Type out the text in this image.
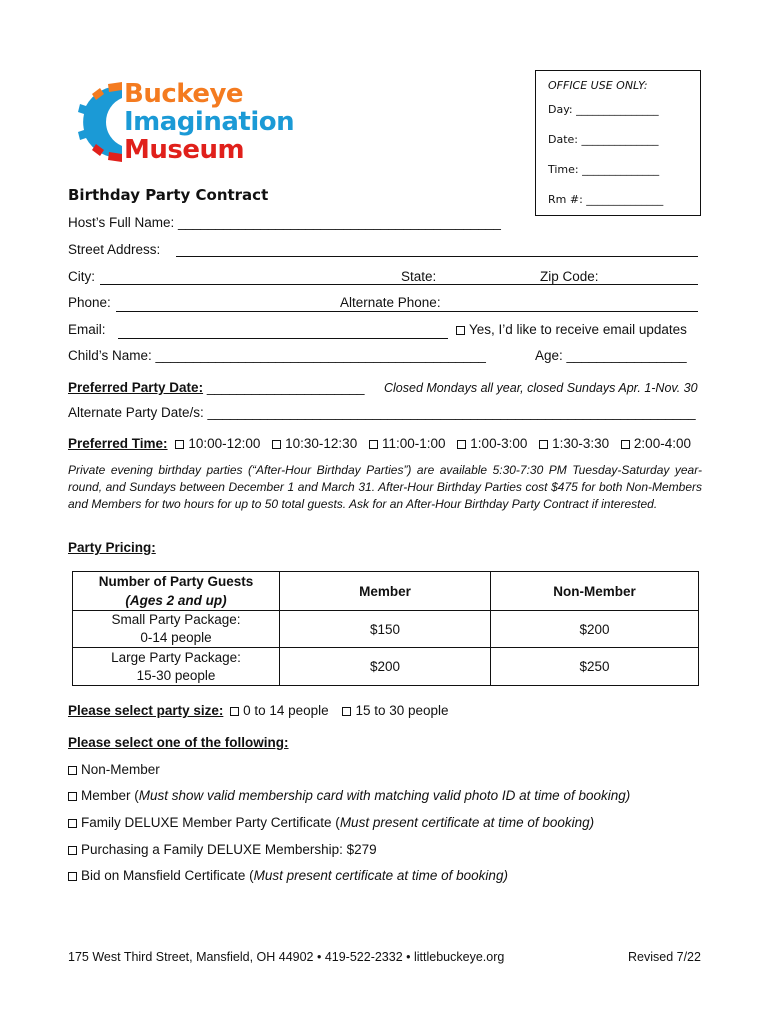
Buckeye
Imagination
Museum
OFFICE USE ONLY:
Day: _______________
Date: ______________
Time: ______________
Rm #: ______________
Birthday Party Contract
Host’s Full Name: ___________________________________________
Street Address:
City:	State:	Zip Code:
Phone:	Alternate Phone:
Email:	Yes, I’d like to receive email updates
Child’s Name: ____________________________________________	Age: ________________
Preferred Party Date: _____________________ Closed Mondays all year, closed Sundays Apr. 1-Nov. 30
Alternate Party Date/s: _________________________________________________________________
Preferred Time: 10:00-12:00 10:30-12:30 11:00-1:00 1:00-3:00 1:30-3:30 2:00-4:00
Private evening birthday parties (“After-Hour Birthday Parties”) are available 5:30-7:30 PM Tuesday-Saturday year-round, and Sundays between December 1 and March 31. After-Hour Birthday Parties cost $475 for both Non-Members and Members for two hours for up to 50 total guests. Ask for an After-Hour Birthday Party Contract if interested.
Party Pricing:
Number of Party Guests
(Ages 2 and up)	Member	Non-Member

Small Party Package:
0-14 people	$150	$200

Large Party Package:
15-30 people	$200	$250
Please select party size: 0 to 14 people 15 to 30 people
Please select one of the following:
Non-Member
Member (Must show valid membership card with matching valid photo ID at time of booking)
Family DELUXE Member Party Certificate (Must present certificate at time of booking)
Purchasing a Family DELUXE Membership: $279
Bid on Mansfield Certificate (Must present certificate at time of booking)
175 West Third Street, Mansfield, OH 44902 • 419-522-2332 • littlebuckeye.org	Revised 7/22
